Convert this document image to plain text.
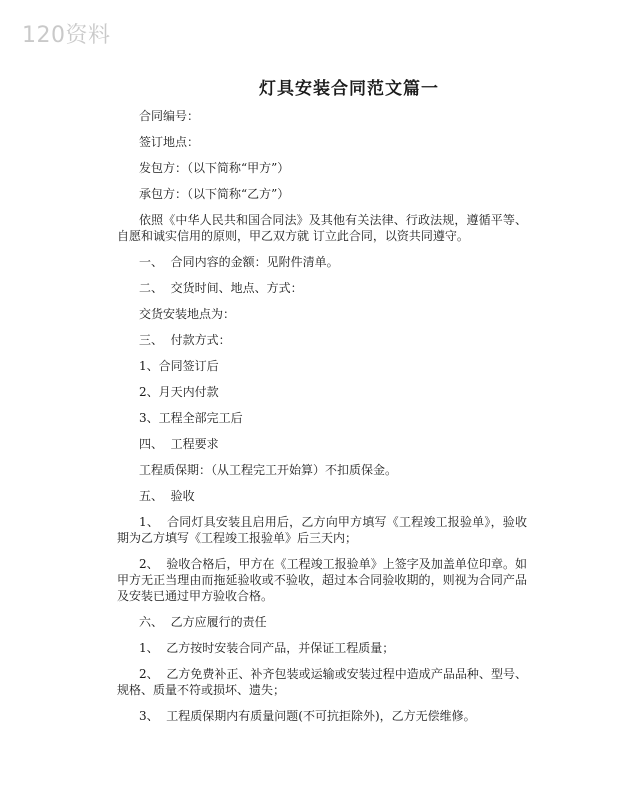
120资料
灯具安装合同范文篇一

合同编号：

签订地点：

发包方：（以下简称“甲方”）

承包方：（以下简称“乙方”）

依照《中华人民共和国合同法》及其他有关法律、行政法规，遵循平等、自愿和诚实信用的原则，甲乙双方就 订立此合同，以资共同遵守。

一、  合同内容的金额：见附件清单。

二、  交货时间、地点、方式：

交货安装地点为：

三、  付款方式：

1、合同签订后

2、月天内付款

3、工程全部完工后

四、  工程要求

工程质保期：（从工程完工开始算）不扣质保金。

五、  验收

1、  合同灯具安装且启用后，乙方向甲方填写《工程竣工报验单》，验收期为乙方填写《工程竣工报验单》后三天内；

2、  验收合格后，甲方在《工程竣工报验单》上签字及加盖单位印章。如甲方无正当理由而拖延验收或不验收，超过本合同验收期的，则视为合同产品及安装已通过甲方验收合格。

六、  乙方应履行的责任

1、  乙方按时安装合同产品，并保证工程质量；

2、  乙方免费补正、补齐包装或运输或安装过程中造成产品品种、型号、规格、质量不符或损坏、遗失；

3、  工程质保期内有质量问题(不可抗拒除外)，乙方无偿维修。
